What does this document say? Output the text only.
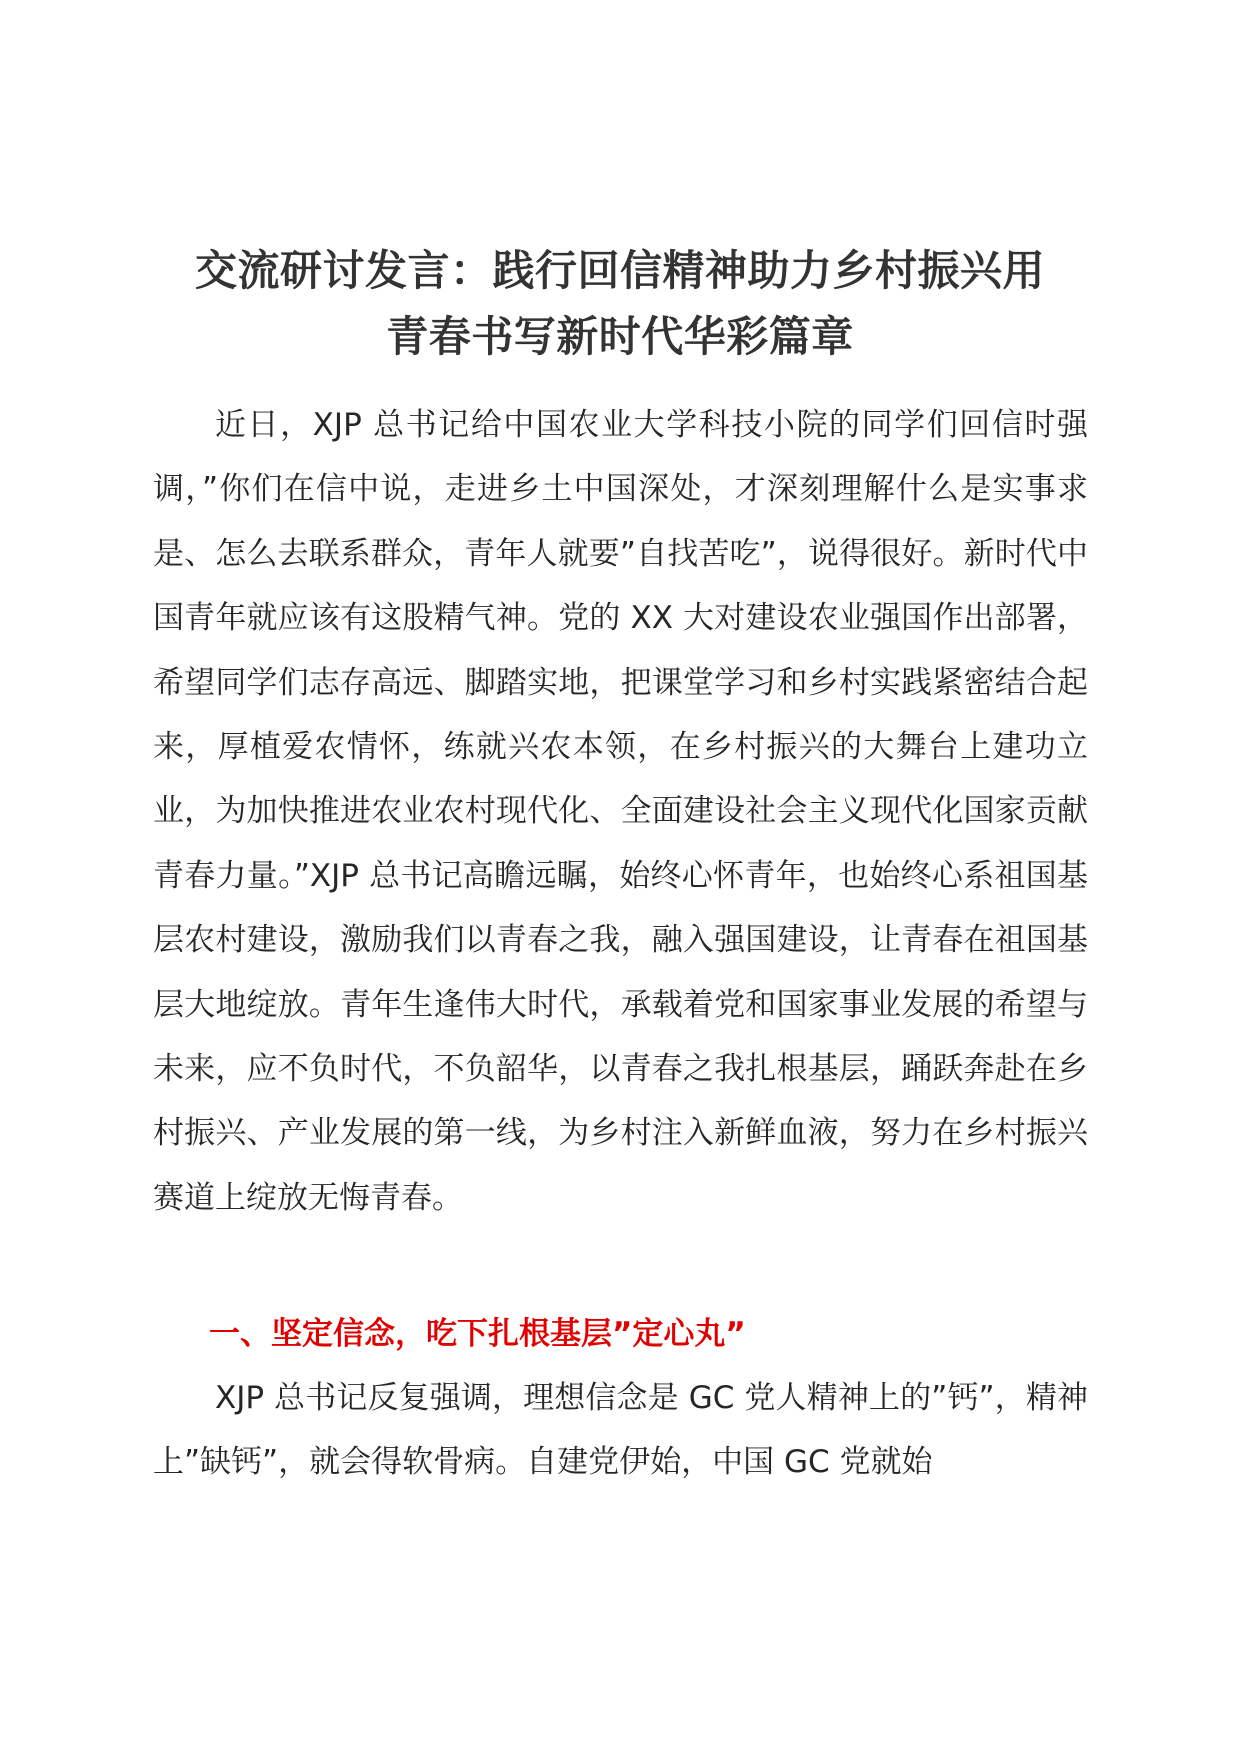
交流研讨发言：践行回信精神助力乡村振兴用
青春书写新时代华彩篇章

近日，XJP 总书记给中国农业大学科技小院的同学们回信时强调，”你们在信中说，走进乡土中国深处，才深刻理解什么是实事求是、怎么去联系群众，青年人就要”自找苦吃”，说得很好。新时代中国青年就应该有这股精气神。党的 XX 大对建设农业强国作出部署，希望同学们志存高远、脚踏实地，把课堂学习和乡村实践紧密结合起来，厚植爱农情怀，练就兴农本领，在乡村振兴的大舞台上建功立业，为加快推进农业农村现代化、全面建设社会主义现代化国家贡献青春力量。”XJP 总书记高瞻远瞩，始终心怀青年，也始终心系祖国基层农村建设，激励我们以青春之我，融入强国建设，让青春在祖国基层大地绽放。青年生逢伟大时代，承载着党和国家事业发展的希望与未来，应不负时代，不负韶华，以青春之我扎根基层，踊跃奔赴在乡村振兴、产业发展的第一线，为乡村注入新鲜血液，努力在乡村振兴赛道上绽放无悔青春。

一、坚定信念，吃下扎根基层”定心丸”

XJP 总书记反复强调，理想信念是 GC 党人精神上的”钙”，精神上”缺钙”，就会得软骨病。自建党伊始，中国 GC 党就始
